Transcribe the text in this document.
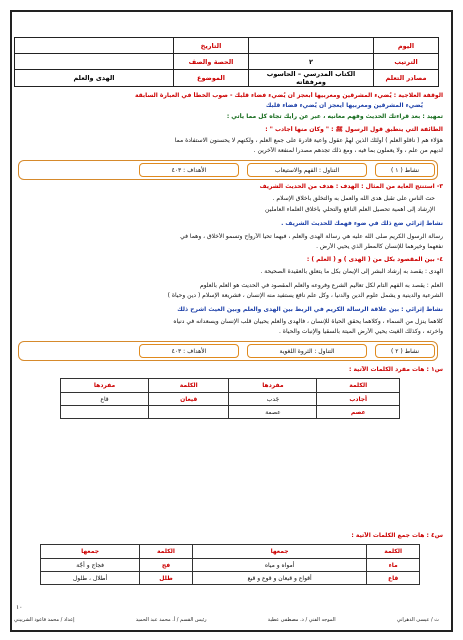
اليوم		التاريخ	
الترتيب	٢	الحصة والصف	
مصادر التعلم	الكتاب المدرسي – الحاسوب ومرفقاته	الموضوع	الهدى والعلم
الوقفة العلاجية : يُضيء المشرقين ومغربيها أبعجز أن يُضيء فضاء قلبك - صوب الخطأ في العبارة السابقة
يُضيء المشرقين ومغربيها أيعجز أن يُضيء فضاء قلبك
تمهيد : بعد قراءتك الحديث وفهم معانيه ، عبر عن رأيك تجاه كل مما يأتي :
الطائفة التي ينطبق قول الرسول ﷺ : " وكان منها أجادب " :
هؤلاء هم ( ناقلو العلم ) أولئك الذين لهمْ عقول واعية قادرة على جمع العلم ، ولكنهم لا يحسنون الاستفادة مما
لديهم من علم ، ولا يعملون بما فيه ، ومع ذلك تجدهم مصدرا لمنفعة الآخرين .
نشاط ( ١ )
التناول : الفهم والاستيعاب
الأهداف : ٤٠٣
٣- استنتج الغاية من المثال : الهدف : هدف من الحديث الشريف
حث الناس على تقبل هدى الله والعمل به والتخلق بأخلاق الإسلام .
الإرشاد إلى أهمية تحصيل العلم النافع والتحلي بأخلاق العلماء العاملين
نشاط إثرائي ضع ذلك في ضوء فهمك للحديث الشريف .
رسالة الرسول الكريم صلى الله عليه هي رسالة الهدى والعلم ، فبهما تحيا الأرواح وتسمو الأخلاق ، وهما في
نفعهما وخيرهما للإنسان كالمطر الذي يحيي الأرض .
٤- بين المقصود بكل من ( الهدى ) و ( العلم ) :
الهدى : يقصد به إرشاد البشر إلى الإيمان بكل ما يتعلق بالعقيدة الصحيحة .
العلم : يقصد به الفهم التام لكل تعاليم الشرع وفروعه والعلم المقصود في الحديث هو العلم بالعلوم
الشرعية والدينية و يشمل علوم الدين والدنيا ، وكل علم نافع يستفيد منه الإنسان ، فشريعة الإسلام ( دين وحياة )
نشاط إثرائي : بين علاقة الرسالة الكريم في الربط بين الهدى والعلم وبين الغيث اشرح ذلك
كلاهما ينزل من السماء ، وكلاهما يحقق الحياة للإنسان ، فالهدى والعلم يحييان قلب الإنسان ويسعدانه في دنياه
وآخرته ، وكذلك الغيث يحيي الأرض الميتة بالسقيا والإنبات والحياة .
نشاط ( ٢ )
التناول : الثروة اللغوية
الأهداف : ٤٠٣
س١ : هات مفرد الكلمات الآتية :
الكلمة	مفردها	الكلمة	مفردها
أجادب	جَدب	قيعان	قاع
عصم	عصمة		
س٤ : هات جمع الكلمات الآتية :
الكلمة	جمعها	الكلمة	جمعها
ماء	أمواه و مياه	فج	فجاج و أجّة
قاع	أقواع و قيعان و قوع و قيع	طلل	أطلال ، طلول
١٠
ث / عيسى الدهراني
الموجه الفني / د. مصطفى عطية
رئيس القسم / أ. محمد عبد الحميد
إعداد / محمد قاعود الشربيني
